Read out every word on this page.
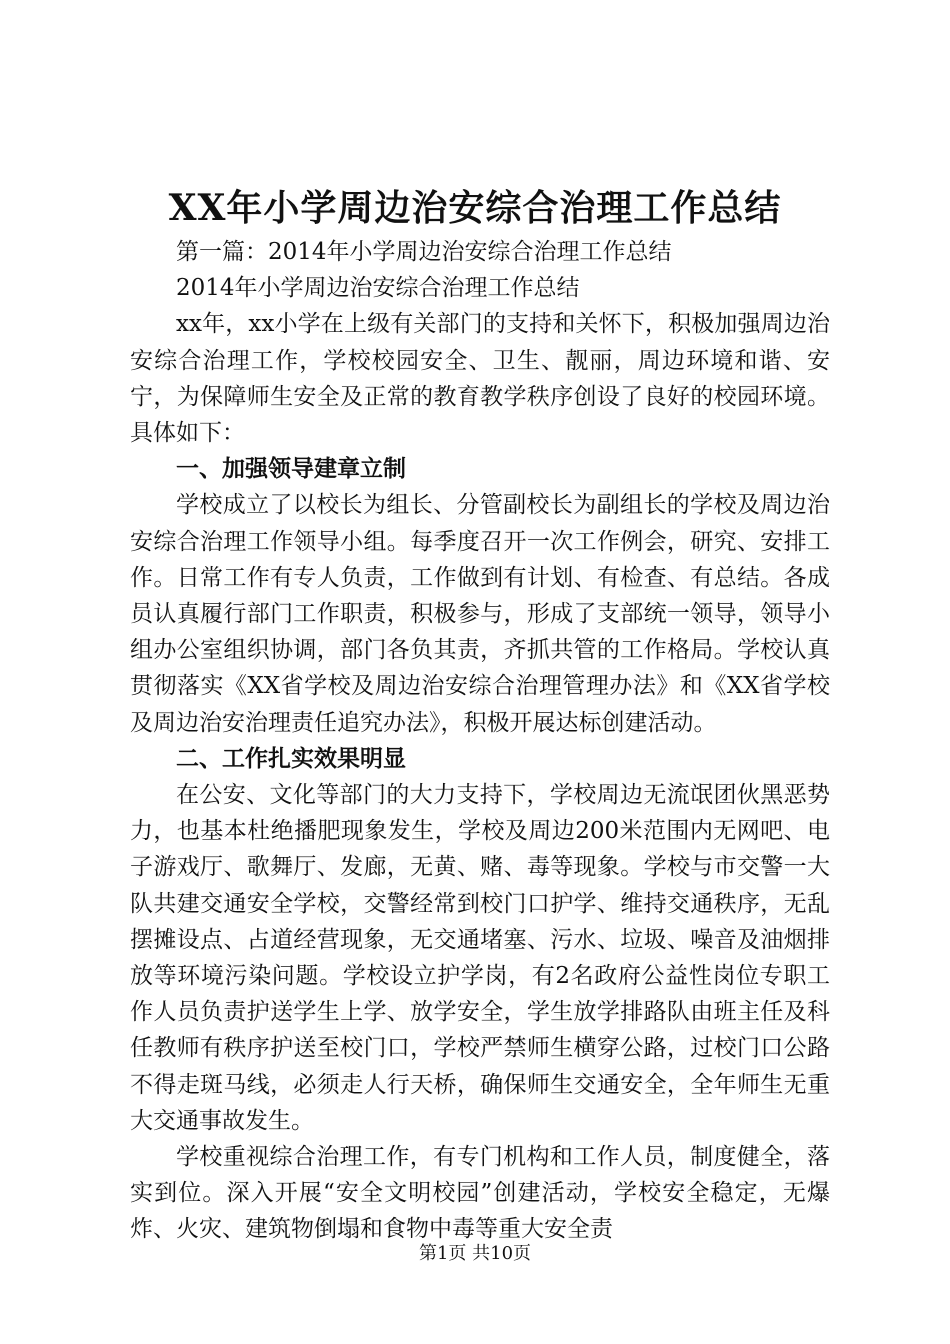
XX年小学周边治安综合治理工作总结

第一篇：2014年小学周边治安综合治理工作总结

2014年小学周边治安综合治理工作总结

xx年，xx小学在上级有关部门的支持和关怀下，积极加强周边治安综合治理工作，学校校园安全、卫生、靓丽，周边环境和谐、安宁，为保障师生安全及正常的教育教学秩序创设了良好的校园环境。具体如下：

一、加强领导建章立制

学校成立了以校长为组长、分管副校长为副组长的学校及周边治安综合治理工作领导小组。每季度召开一次工作例会，研究、安排工作。日常工作有专人负责，工作做到有计划、有检查、有总结。各成员认真履行部门工作职责，积极参与，形成了支部统一领导，领导小组办公室组织协调，部门各负其责，齐抓共管的工作格局。学校认真贯彻落实《XX省学校及周边治安综合治理管理办法》和《XX省学校及周边治安治理责任追究办法》，积极开展达标创建活动。

二、工作扎实效果明显

在公安、文化等部门的大力支持下，学校周边无流氓团伙黑恶势力，也基本杜绝播肥现象发生，学校及周边200米范围内无网吧、电子游戏厅、歌舞厅、发廊，无黄、赌、毒等现象。学校与市交警一大队共建交通安全学校，交警经常到校门口护学、维持交通秩序，无乱摆摊设点、占道经营现象，无交通堵塞、污水、垃圾、噪音及油烟排放等环境污染问题。学校设立护学岗，有2名政府公益性岗位专职工作人员负责护送学生上学、放学安全，学生放学排路队由班主任及科任教师有秩序护送至校门口，学校严禁师生横穿公路，过校门口公路不得走斑马线，必须走人行天桥，确保师生交通安全，全年师生无重大交通事故发生。

学校重视综合治理工作，有专门机构和工作人员，制度健全，落实到位。深入开展“安全文明校园”创建活动，学校安全稳定，无爆炸、火灾、建筑物倒塌和食物中毒等重大安全责

第1页 共10页
